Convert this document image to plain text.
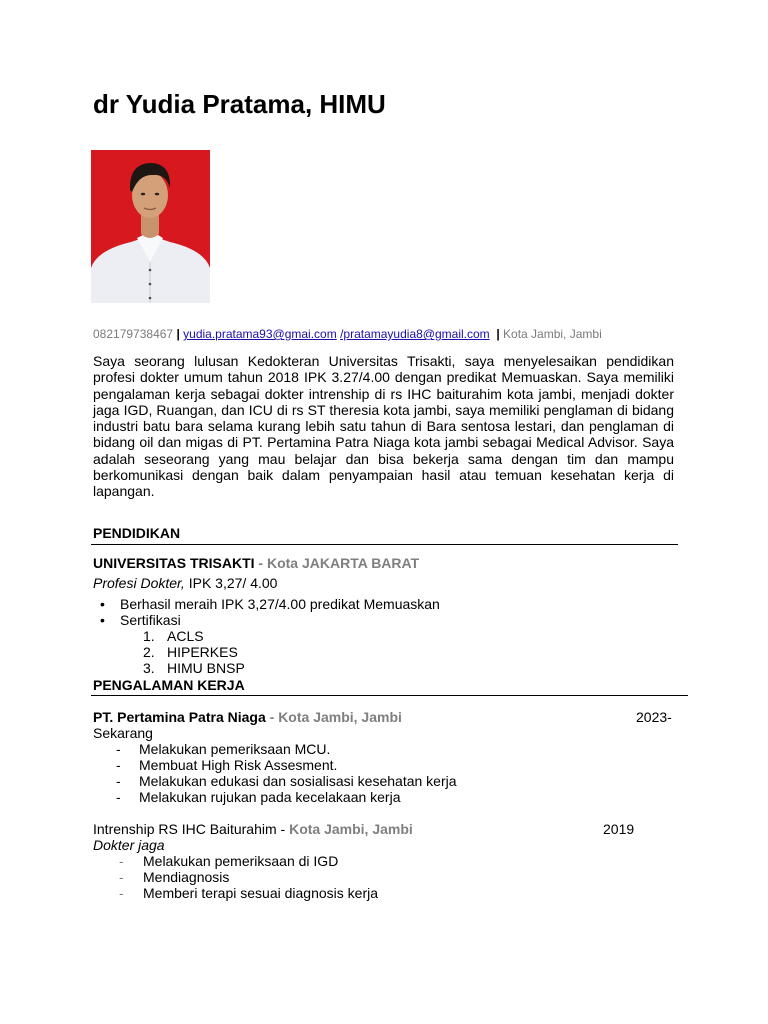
dr Yudia Pratama, HIMU
082179738467 | yudia.pratama93@gmai.com /pratamayudia8@gmail.com | Kota Jambi, Jambi
Saya seorang lulusan Kedokteran Universitas Trisakti, saya menyelesaikan pendidikan profesi dokter umum tahun 2018 IPK 3.27/4.00 dengan predikat Memuaskan. Saya memiliki pengalaman kerja sebagai dokter intrenship di rs IHC baiturahim kota jambi, menjadi dokter jaga IGD, Ruangan, dan ICU di rs ST theresia kota jambi, saya memiliki penglaman di bidang industri batu bara selama kurang lebih satu tahun di Bara sentosa lestari, dan penglaman di bidang oil dan migas di PT. Pertamina Patra Niaga kota jambi sebagai Medical Advisor. Saya adalah seseorang yang mau belajar dan bisa bekerja sama dengan tim dan mampu berkomunikasi dengan baik dalam penyampaian hasil atau temuan kesehatan kerja di lapangan.
PENDIDIKAN
UNIVERSITAS TRISAKTI - Kota JAKARTA BARAT
Profesi Dokter, IPK 3,27/ 4.00
• Berhasil meraih IPK 3,27/4.00 predikat Memuaskan
• Sertifikasi
1. ACLS
2. HIPERKES
3. HIMU BNSP
PENGALAMAN KERJA
PT. Pertamina Patra Niaga - Kota Jambi, Jambi	2023-
Sekarang
- Melakukan pemeriksaan MCU.
- Membuat High Risk Assesment.
- Melakukan edukasi dan sosialisasi kesehatan kerja
- Melakukan rujukan pada kecelakaan kerja
Intrenship RS IHC Baiturahim - Kota Jambi, Jambi	2019
Dokter jaga
- Melakukan pemeriksaan di IGD
- Mendiagnosis
- Memberi terapi sesuai diagnosis kerja
